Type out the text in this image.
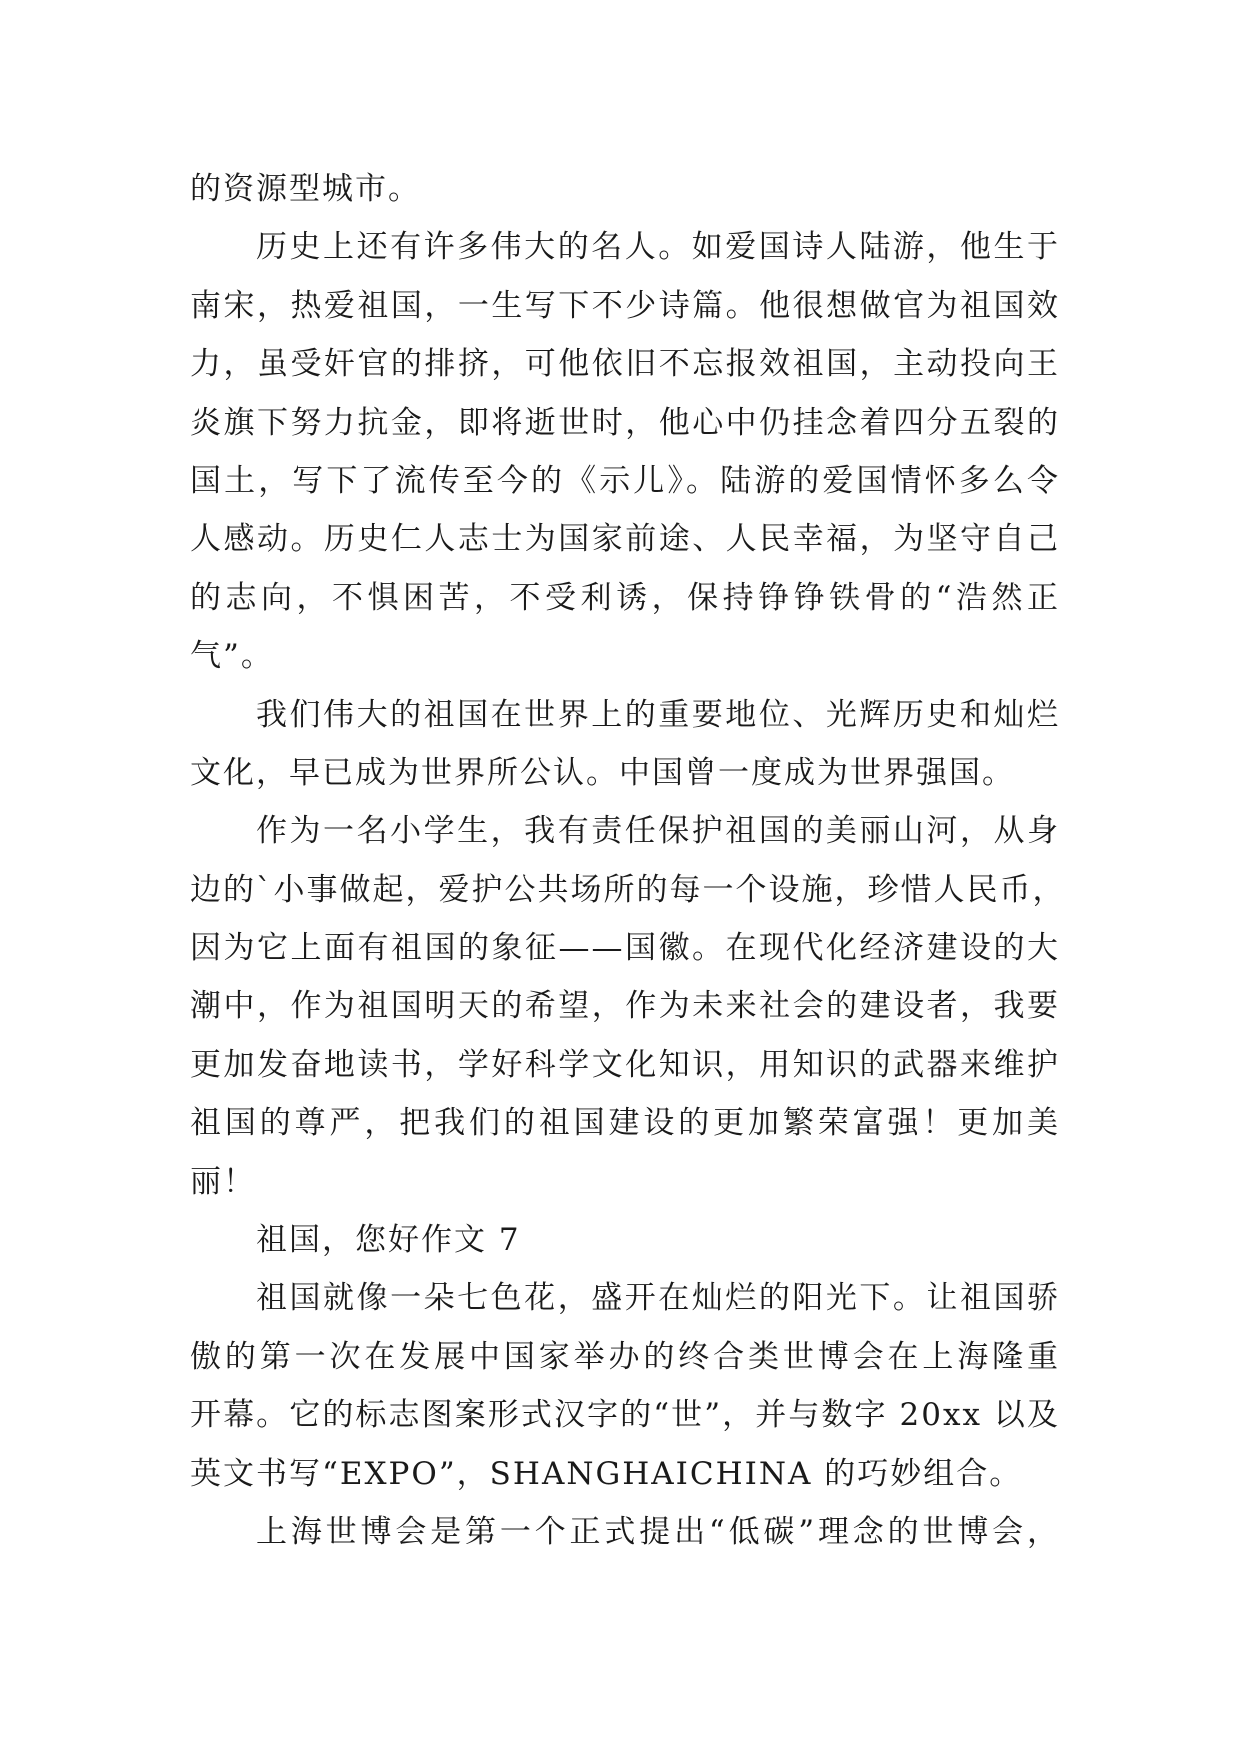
的资源型城市。
历史上还有许多伟大的名人。如爱国诗人陆游，他生于
南宋，热爱祖国，一生写下不少诗篇。他很想做官为祖国效
力，虽受奸官的排挤，可他依旧不忘报效祖国，主动投向王
炎旗下努力抗金，即将逝世时，他心中仍挂念着四分五裂的
国土，写下了流传至今的《示儿》。陆游的爱国情怀多么令
人感动。历史仁人志士为国家前途、人民幸福，为坚守自己
的志向，不惧困苦，不受利诱，保持铮铮铁骨的“浩然正
气”。
我们伟大的祖国在世界上的重要地位、光辉历史和灿烂
文化，早已成为世界所公认。中国曾一度成为世界强国。
作为一名小学生，我有责任保护祖国的美丽山河，从身
边的`小事做起，爱护公共场所的每一个设施，珍惜人民币，
因为它上面有祖国的象征——国徽。在现代化经济建设的大
潮中，作为祖国明天的希望，作为未来社会的建设者，我要
更加发奋地读书，学好科学文化知识，用知识的武器来维护
祖国的尊严，把我们的祖国建设的更加繁荣富强！更加美
丽！
祖国，您好作文 7
祖国就像一朵七色花，盛开在灿烂的阳光下。让祖国骄
傲的第一次在发展中国家举办的终合类世博会在上海隆重
开幕。它的标志图案形式汉字的“世”，并与数字 20xx 以及
英文书写“EXPO”，SHANGHAICHINA 的巧妙组合。
上海世博会是第一个正式提出“低碳”理念的世博会，
